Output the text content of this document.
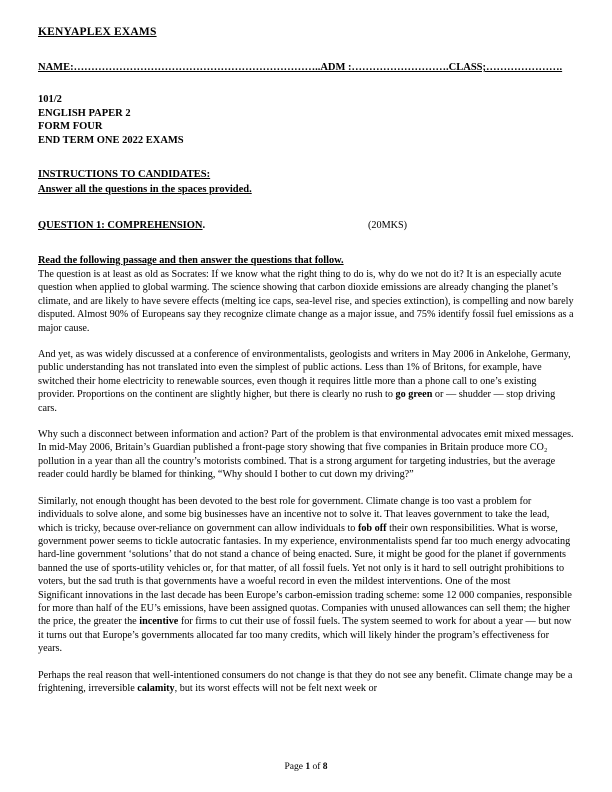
KENYAPLEX EXAMS
NAME:……………………………………………………………..ADM :……………………….CLASS;………………….
101/2
ENGLISH PAPER 2
FORM FOUR
END TERM ONE 2022 EXAMS
INSTRUCTIONS TO CANDIDATES:
Answer all the questions in the spaces provided.
QUESTION 1: COMPREHENSION.	(20MKS)
Read the following passage and then answer the questions that follow.

The question is at least as old as Socrates: If we know what the right thing to do is, why do we not do it? It is an especially acute question when applied to global warming. The science showing that carbon dioxide emissions are already changing the planet’s climate, and are likely to have severe effects (melting ice caps, sea-level rise, and species extinction), is compelling and now barely disputed. Almost 90% of Europeans say they recognize climate change as a major issue, and 75% identify fossil fuel emissions as a major cause.

And yet, as was widely discussed at a conference of environmentalists, geologists and writers in May 2006 in Ankelohe, Germany, public understanding has not translated into even the simplest of public actions. Less than 1% of Britons, for example, have switched their home electricity to renewable sources, even though it requires little more than a phone call to one’s existing provider. Proportions on the continent are slightly higher, but there is clearly no rush to go green or — shudder — stop driving cars.

Why such a disconnect between information and action? Part of the problem is that environmental advocates emit mixed messages. In mid-May 2006, Britain’s Guardian published a front-page story showing that five companies in Britain produce more CO₂ pollution in a year than all the country’s motorists combined. That is a strong argument for targeting industries, but the average reader could hardly be blamed for thinking, “Why should I bother to cut down my driving?”

Similarly, not enough thought has been devoted to the best role for government. Climate change is too vast a problem for individuals to solve alone, and some big businesses have an incentive not to solve it. That leaves government to take the lead, which is tricky, because over-reliance on government can allow individuals to fob off their own responsibilities. What is worse, government power seems to tickle autocratic fantasies. In my experience, environmentalists spend far too much energy advocating hard-line government ‘solutions’ that do not stand a chance of being enacted. Sure, it might be good for the planet if governments banned the use of sports-utility vehicles or, for that matter, of all fossil fuels. Yet not only is it hard to sell outright prohibitions to voters, but the sad truth is that governments have a woeful record in even the mildest interventions. One of the most
Significant innovations in the last decade has been Europe’s carbon-emission trading scheme: some 12 000 companies, responsible for more than half of the EU’s emissions, have been assigned quotas. Companies with unused allowances can sell them; the higher the price, the greater the incentive for firms to cut their use of fossil fuels. The system seemed to work for about a year — but now it turns out that Europe’s governments allocated far too many credits, which will likely hinder the program’s effectiveness for years.

Perhaps the real reason that well-intentioned consumers do not change is that they do not see any benefit. Climate change may be a frightening, irreversible calamity, but its worst effects will not be felt next week or

Page 1 of 8
